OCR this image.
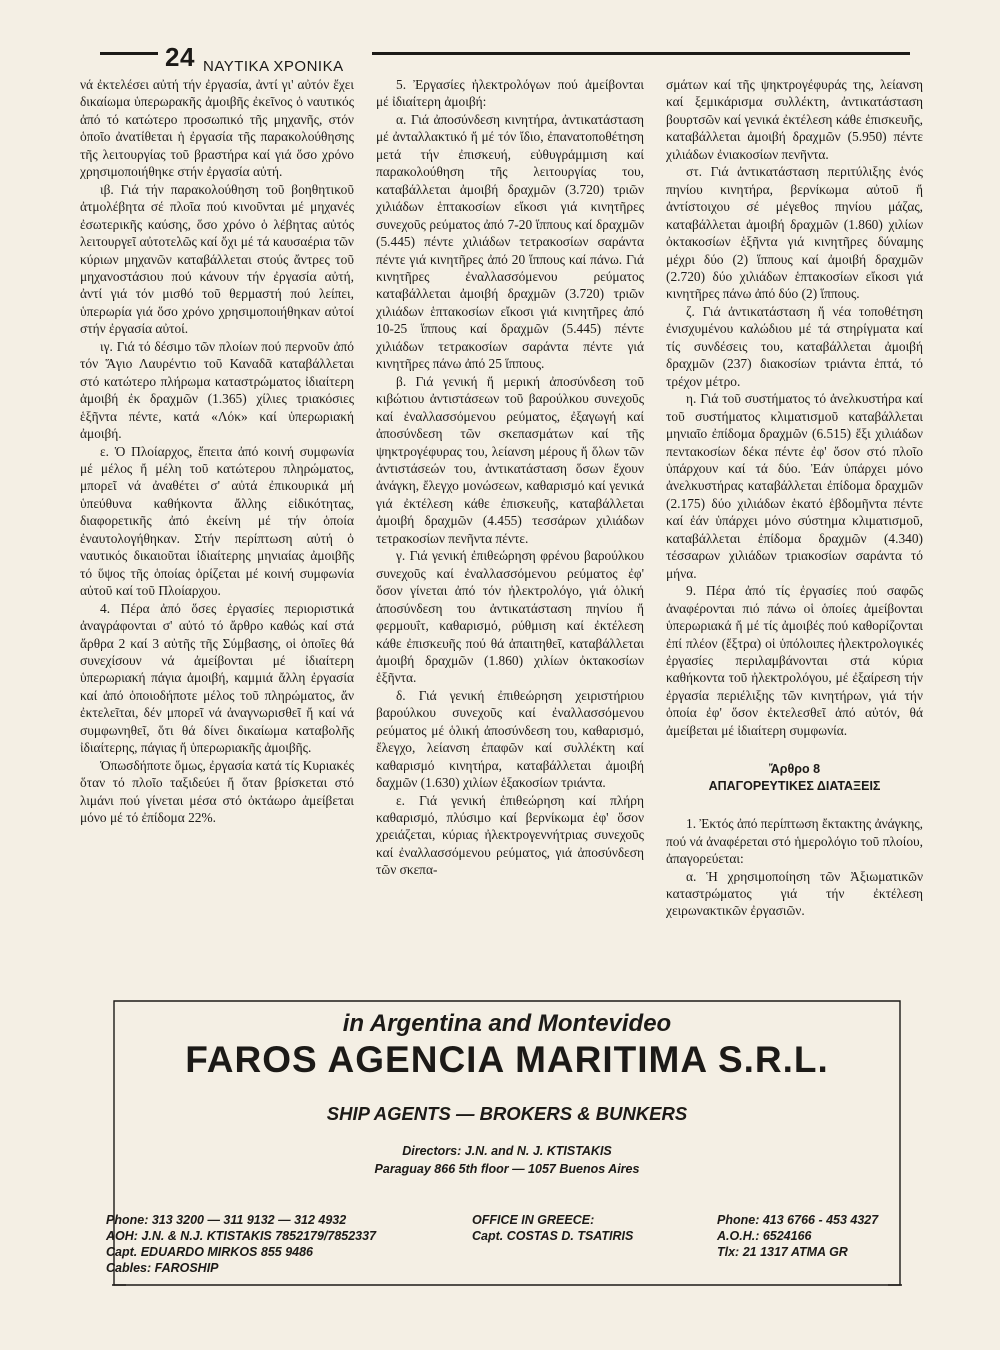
24 ΝΑΥΤΙΚΑ ΧΡΟΝΙΚΑ

νά ἐκτελέσει αὐτή τήν ἐργασία, ἀντί γι' αὐτόν ἔχει δικαίωμα ὑπερωρακῆς ἀμοιβῆς ἐκεῖνος ὁ ναυτικός ἀπό τό κατώτερο προσωπικό τῆς μηχανῆς, στόν ὁποῖο ἀνατίθεται ἡ ἐργασία τῆς παρακολούθησης τῆς λειτουργίας τοῦ βραστήρα καί γιά ὅσο χρόνο χρησιμοποιήθηκε στήν ἐργασία αὐτή.

ιβ. Γιά τήν παρακολούθηση τοῦ βοηθητικοῦ ἀτμολέβητα σέ πλοῖα πού κινοῦνται μέ μηχανές ἐσωτερικῆς καύσης, ὅσο χρόνο ὁ λέβητας αὐτός λειτουργεῖ αὐτοτελῶς καί ὄχι μέ τά καυσαέρια τῶν κύριων μηχανῶν καταβάλλεται στούς ἄντρες τοῦ μηχανοστάσιου πού κάνουν τήν ἐργασία αὐτή, ἀντί γιά τόν μισθό τοῦ θερμαστή πού λείπει, ὑπερωρία γιά ὅσο χρόνο χρησιμοποιήθηκαν αὐτοί στήν ἐργασία αὐτοί.

ιγ. Γιά τό δέσιμο τῶν πλοίων πού περνοῦν ἀπό τόν Ἅγιο Λαυρέντιο τοῦ Καναδᾶ καταβάλλεται στό κατώτερο πλήρωμα καταστρώματος ἰδιαίτερη ἀμοιβή ἐκ δραχμῶν (1.365) χίλιες τριακόσιες ἑξῆντα πέντε, κατά «Λόκ» καί ὑπερωριακή ἀμοιβή.

ε. Ὁ Πλοίαρχος, ἔπειτα ἀπό κοινή συμφωνία μέ μέλος ἤ μέλη τοῦ κατώτερου πληρώματος, μπορεῖ νά ἀναθέτει σ' αὐτά ἐπικουρικά μή ὑπεύθυνα καθήκοντα ἄλλης εἰδικότητας, διαφορετικῆς ἀπό ἐκείνη μέ τήν ὁποία ἐναυτολογήθηκαν. Στήν περίπτωση αὐτή ὁ ναυτικός δικαιοῦται ἰδιαίτερης μηνιαίας ἀμοιβῆς τό ὕψος τῆς ὁποίας ὁρίζεται μέ κοινή συμφωνία αὐτοῦ καί τοῦ Πλοίαρχου.

4. Πέρα ἀπό ὅσες ἐργασίες περιοριστικά ἀναγράφονται σ' αὐτό τό ἄρθρο καθώς καί στά ἄρθρα 2 καί 3 αὐτῆς τῆς Σύμβασης, οἱ ὁποῖες θά συνεχίσουν νά ἀμείβονται μέ ἰδιαίτερη ὑπερωριακή πάγια ἀμοιβή, καμμιά ἄλλη ἐργασία καί ἀπό ὁποιοδήποτε μέλος τοῦ πληρώματος, ἄν ἐκτελεῖται, δέν μπορεῖ νά ἀναγνωρισθεῖ ἤ καί νά συμφωνηθεῖ, ὅτι θά δίνει δικαίωμα καταβολῆς ἰδιαίτερης, πάγιας ἤ ὑπερωριακῆς ἀμοιβῆς.

Ὁπωσδήποτε ὅμως, ἐργασία κατά τίς Κυριακές ὅταν τό πλοῖο ταξιδεύει ἤ ὅταν βρίσκεται στό λιμάνι πού γίνεται μέσα στό ὀκτάωρο ἀμείβεται μόνο μέ τό ἐπίδομα 22%.

5. Ἐργασίες ἠλεκτρολόγων πού ἀμείβονται μέ ἰδιαίτερη ἀμοιβή:

α. Γιά ἀποσύνδεση κινητήρα, ἀντικατάσταση μέ ἀνταλλακτικό ἤ μέ τόν ἴδιο, ἐπανατοποθέτηση μετά τήν ἐπισκευή, εὐθυγράμμιση καί παρακολούθηση τῆς λειτουργίας του, καταβάλλεται ἀμοιβή δραχμῶν (3.720) τριῶν χιλιάδων ἑπτακοσίων εἴκοσι γιά κινητῆρες συνεχοῦς ρεύματος ἀπό 7-20 ἵππους καί δραχμῶν (5.445) πέντε χιλιάδων τετρακοσίων σαράντα πέντε γιά κινητῆρες ἀπό 20 ἵππους καί πάνω. Γιά κινητῆρες ἐναλλασσόμενου ρεύματος καταβάλλεται ἀμοιβή δραχμῶν (3.720) τριῶν χιλιάδων ἑπτακοσίων εἴκοσι γιά κινητῆρες ἀπό 10-25 ἵππους καί δραχμῶν (5.445) πέντε χιλιάδων τετρακοσίων σαράντα πέντε γιά κινητῆρες πάνω ἀπό 25 ἵππους.

β. Γιά γενική ἤ μερική ἀποσύνδεση τοῦ κιβώτιου ἀντιστάσεων τοῦ βαρούλκου συνεχοῦς καί ἐναλλασσόμενου ρεύματος, ἐξαγωγή καί ἀποσύνδεση τῶν σκεπασμάτων καί τῆς ψηκτρογέφυρας του, λείανση μέρους ἤ ὅλων τῶν ἀντιστάσεών του, ἀντικατάσταση ὅσων ἔχουν ἀνάγκη, ἔλεγχο μονώσεων, καθαρισμό καί γενικά γιά ἐκτέλεση κάθε ἐπισκευῆς, καταβάλλεται ἀμοιβή δραχμῶν (4.455) τεσσάρων χιλιάδων τετρακοσίων πενῆντα πέντε.

γ. Γιά γενική ἐπιθεώρηση φρένου βαρούλκου συνεχοῦς καί ἐναλλασσόμενου ρεύματος ἐφ' ὅσον γίνεται ἀπό τόν ἠλεκτρολόγο, γιά ὁλική ἀποσύνδεση του ἀντικατάσταση πηνίου ἤ φερμουΐτ, καθαρισμό, ρύθμιση καί ἐκτέλεση κάθε ἐπισκευῆς πού θά ἀπαιτηθεῖ, καταβάλλεται ἀμοιβή δραχμῶν (1.860) χιλίων ὀκτακοσίων ἑξῆντα.

δ. Γιά γενική ἐπιθεώρηση χειριστήριου βαρούλκου συνεχοῦς καί ἐναλλασσόμενου ρεύματος μέ ὁλική ἀποσύνδεση του, καθαρισμό, ἔλεγχο, λείανση ἐπαφῶν καί συλλέκτη καί καθαρισμό κινητήρα, καταβάλλεται ἀμοιβή δαχμῶν (1.630) χιλίων ἑξακοσίων τριάντα.

ε. Γιά γενική ἐπιθεώρηση καί πλήρη καθαρισμό, πλύσιμο καί βερνίκωμα ἐφ' ὅσον χρειάζεται, κύριας ἠλεκτρογεννήτριας συνεχοῦς καί ἐναλλασσόμενου ρεύματος, γιά ἀποσύνδεση τῶν σκεπα-

σμάτων καί τῆς ψηκτρογέφυράς της, λείανση καί ξεμικάρισμα συλλέκτη, ἀντικατάσταση βουρτσῶν καί γενικά ἐκτέλεση κάθε ἐπισκευῆς, καταβάλλεται ἀμοιβή δραχμῶν (5.950) πέντε χιλιάδων ἐνιακοσίων πενῆντα.

στ. Γιά ἀντικατάσταση περιτύλιξης ἑνός πηνίου κινητήρα, βερνίκωμα αὐτοῦ ἤ ἀντίστοιχου σέ μέγεθος πηνίου μάζας, καταβάλλεται ἀμοιβή δραχμῶν (1.860) χιλίων ὀκτακοσίων ἑξῆντα γιά κινητῆρες δύναμης μέχρι δύο (2) ἵππους καί ἀμοιβή δραχμῶν (2.720) δύο χιλιάδων ἑπτακοσίων εἴκοσι γιά κινητῆρες πάνω ἀπό δύο (2) ἵππους.

ζ. Γιά ἀντικατάσταση ἤ νέα τοποθέτηση ἐνισχυμένου καλώδιου μέ τά στηρίγματα καί τίς συνδέσεις του, καταβάλλεται ἀμοιβή δραχμῶν (237) διακοσίων τριάντα ἑπτά, τό τρέχον μέτρο.

η. Γιά τοῦ συστήματος τό ἀνελκυστήρα καί τοῦ συστήματος κλιματισμοῦ καταβάλλεται μηνιαῖο ἐπίδομα δραχμῶν (6.515) ἕξι χιλιάδων πεντακοσίων δέκα πέντε ἐφ' ὅσον στό πλοῖο ὑπάρχουν καί τά δύο. Ἐάν ὑπάρχει μόνο ἀνελκυστήρας καταβάλλεται ἐπίδομα δραχμῶν (2.175) δύο χιλιάδων ἑκατό ἑβδομῆντα πέντε καί ἐάν ὑπάρχει μόνο σύστημα κλιματισμοῦ, καταβάλλεται ἐπίδομα δραχμῶν (4.340) τέσσαρων χιλιάδων τριακοσίων σαράντα τό μήνα.

9. Πέρα ἀπό τίς ἐργασίες πού σαφῶς ἀναφέρονται πιό πάνω οἱ ὁποίες ἀμείβονται ὑπερωριακά ἤ μέ τίς ἀμοιβές πού καθορίζονται ἐπί πλέον (ἔξτρα) οἱ ὑπόλοιπες ἠλεκτρολογικές ἐργασίες περιλαμβάνονται στά κύρια καθήκοντα τοῦ ἠλεκτρολόγου, μέ ἐξαίρεση τήν ἐργασία περιέλιξης τῶν κινητήρων, γιά τήν ὁποία ἐφ' ὅσον ἐκτελεσθεῖ ἀπό αὐτόν, θά ἀμείβεται μέ ἰδιαίτερη συμφωνία.

Ἄρθρο 8
ΑΠΑΓΟΡΕΥΤΙΚΕΣ ΔΙΑΤΑΞΕΙΣ

1. Ἐκτός ἀπό περίπτωση ἔκτακτης ἀνάγκης, πού νά ἀναφέρεται στό ἡμερολόγιο τοῦ πλοίου, ἀπαγορεύεται:

α. Ἡ χρησιμοποίηση τῶν Ἀξιωματικῶν καταστρώματος γιά τήν ἐκτέλεση χειρωνακτικῶν ἐργασιῶν.

in Argentina and Montevideo
FAROS AGENCIA MARITIMA S.R.L.
SHIP AGENTS — BROKERS & BUNKERS
Directors: J.N. and N. J. KTISTAKIS
Paraguay 866 5th floor — 1057 Buenos Aires
Phone: 313 3200 — 311 9132 — 312 4932
AOH: J.N. & N.J. KTISTAKIS 7852179/7852337
Capt. EDUARDO MIRKOS 855 9486
Cables: FAROSHIP
OFFICE IN GREECE:
Capt. COSTAS D. TSATIRIS
Phone: 413 6766 - 453 4327
A.O.H.: 6524166
Tlx: 21 1317 ATMA GR
